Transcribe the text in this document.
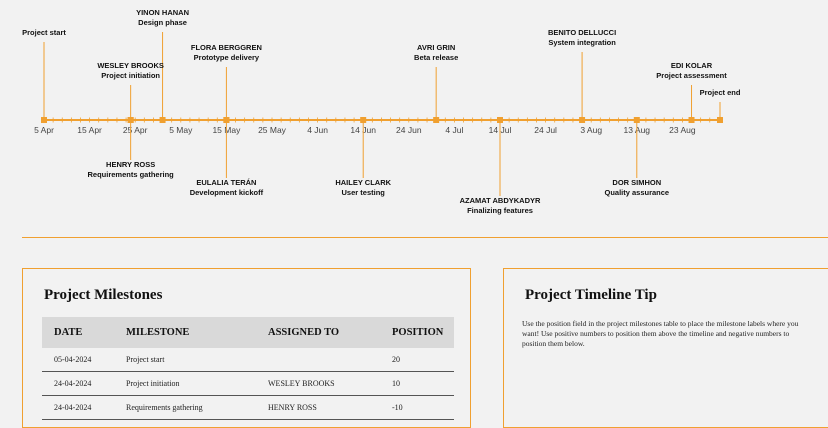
5 Apr	15 Apr 25 Apr	5 May 15 May 25 May	4 Jun	14 Jun 24 Jun	4 Jul	14 Jul	24 Jul	3 Aug	13 Aug 23 Aug
Project start
WESLEY BROOKS
Project initiation
HENRY ROSS
Requirements gathering
YINON HANAN
Design phase
FLORA BERGGREN
Prototype delivery
EULALIA TERÁN
Development kickoff
HAILEY CLARK
User testing
AVRI GRIN
Beta release
AZAMAT ABDYKADYR
Finalizing features
BENITO DELLUCCI
System integration
DOR SIMHON
Quality assurance
EDI KOLAR
Project assessment
Project end
Project Milestones
DATE	MILESTONE	ASSIGNED TO	POSITION
05-04-2024	Project start		20
24-04-2024	Project initiation	WESLEY BROOKS	10
24-04-2024	Requirements gathering	HENRY ROSS	-10
Project Timeline Tip
Use the position field in the project milestones table to place the milestone labels where you want! Use positive numbers to position them above the timeline and negative numbers to position them below.
